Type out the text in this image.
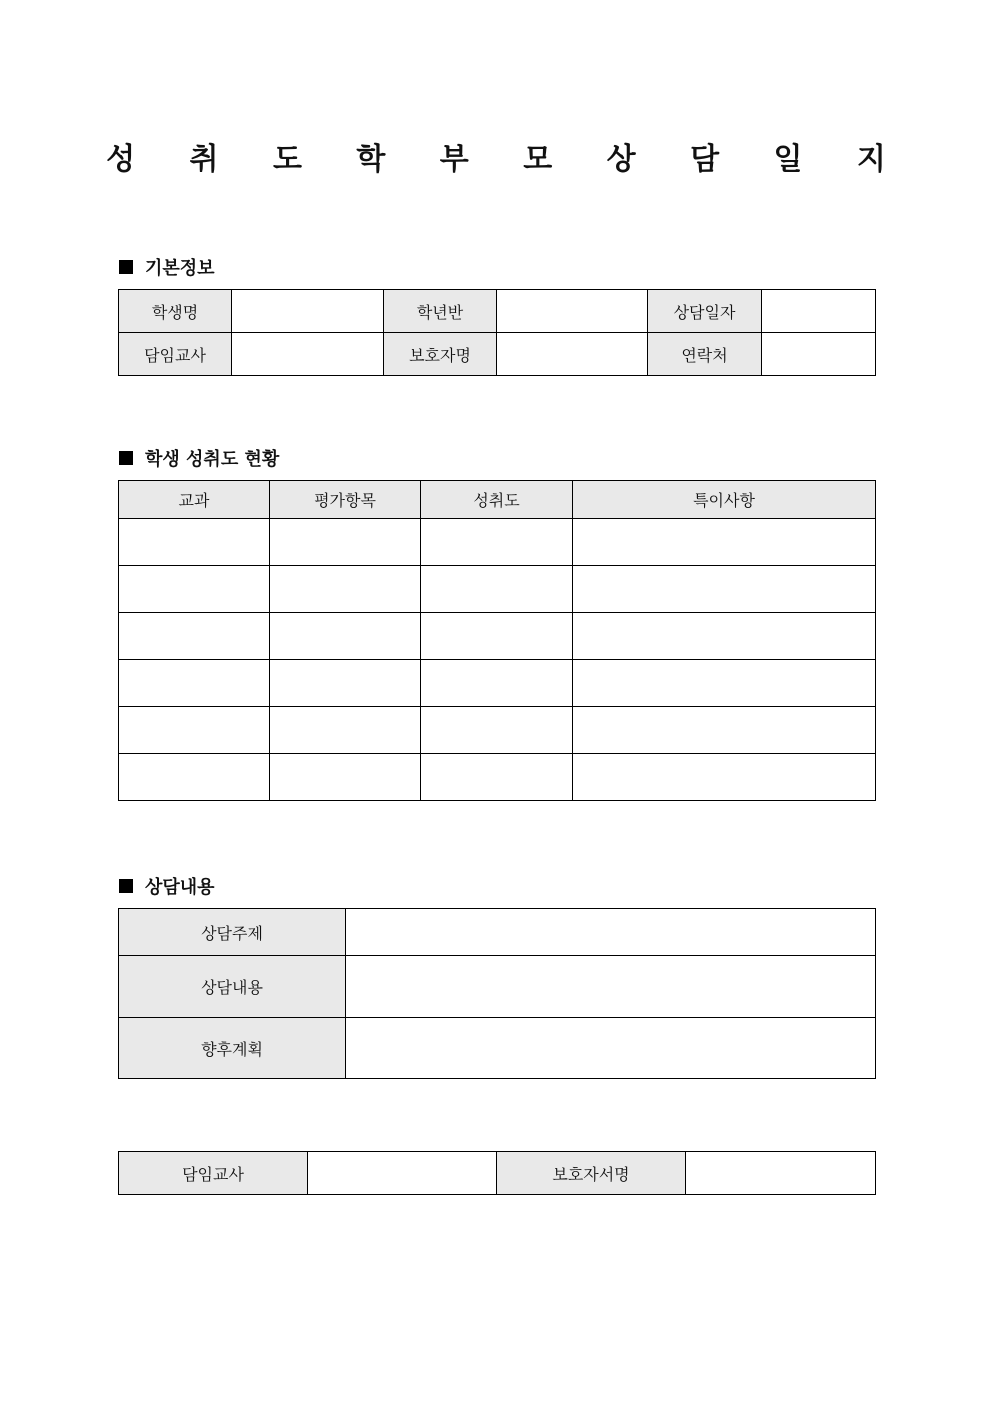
성 취 도 학 부 모 상 담 일 지
기본정보
학생명		학년반		상담일자	
담임교사		보호자명		연락처	
학생 성취도 현황
교과	평가항목	성취도	특이사항

상담내용
상담주제	
상담내용	
향후계획	
담임교사		보호자서명	
